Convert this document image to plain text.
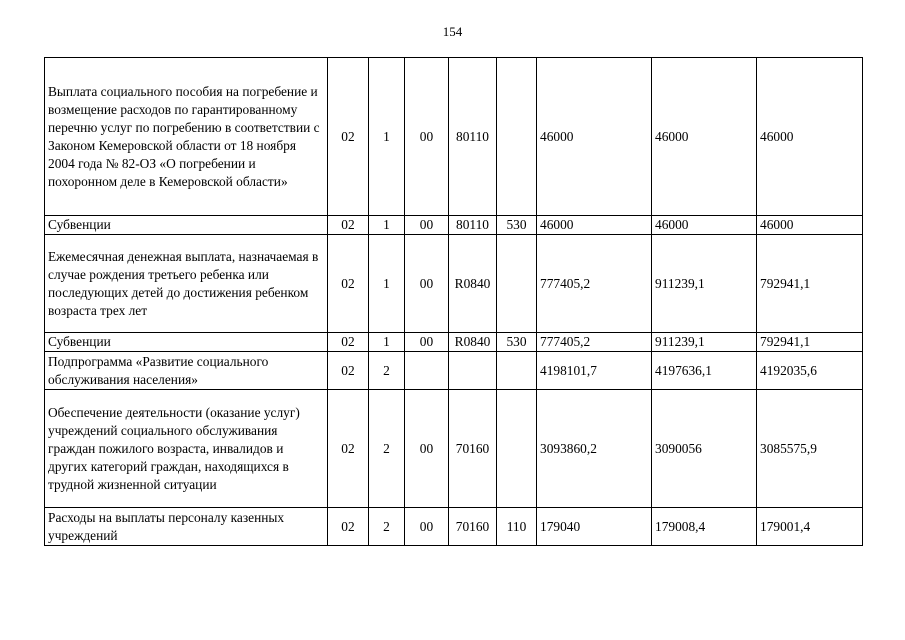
154
Выплата социального пособия на погребение и возмещение расходов по гарантированному перечню услуг по погребению в соответствии с Законом Кемеровской области от 18 ноября 2004 года № 82-ОЗ «О погребении и похоронном деле в Кемеровской области»	02	1	00	80110		46000	46000	46000
Субвенции	02	1	00	80110	530	46000	46000	46000
Ежемесячная денежная выплата, назначаемая в случае рождения третьего ребенка или последующих детей до достижения ребенком возраста трех лет	02	1	00	R0840		777405,2	911239,1	792941,1
Субвенции	02	1	00	R0840	530	777405,2	911239,1	792941,1
Подпрограмма «Развитие социального обслуживания населения»	02	2				4198101,7	4197636,1	4192035,6
Обеспечение деятельности (оказание услуг) учреждений социального обслуживания граждан пожилого возраста, инвалидов и других категорий граждан, находящихся в трудной жизненной ситуации	02	2	00	70160		3093860,2	3090056	3085575,9
Расходы на выплаты персоналу казенных учреждений	02	2	00	70160	110	179040	179008,4	179001,4
